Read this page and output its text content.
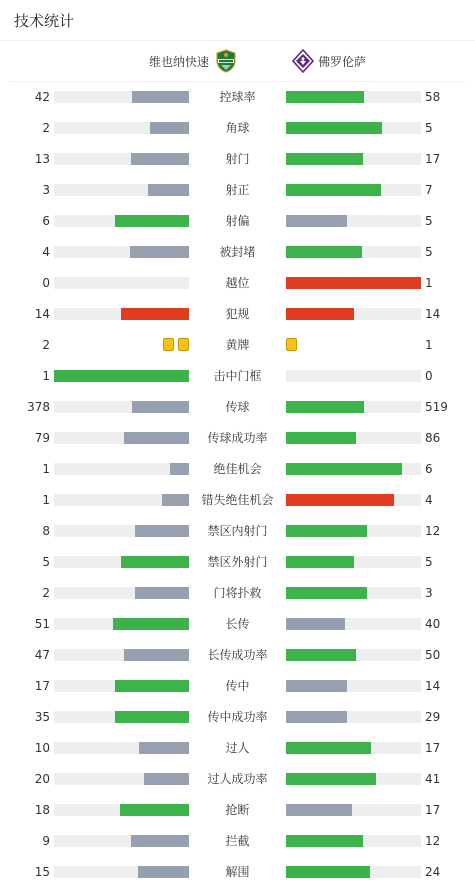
技术统计
维也纳快速	佛罗伦萨
42	控球率	58
2	角球	5
13	射门	17
3	射正	7
6	射偏	5
4	被封堵	5
0	越位	1
14	犯规	14
2	黄牌	1
1	击中门框	0
378	传球	519
79	传球成功率	86
1	绝佳机会	6
1	错失绝佳机会	4
8	禁区内射门	12
5	禁区外射门	5
2	门将扑救	3
51	长传	40
47	长传成功率	50
17	传中	14
35	传中成功率	29
10	过人	17
20	过人成功率	41
18	抢断	17
9	拦截	12
15	解围	24
